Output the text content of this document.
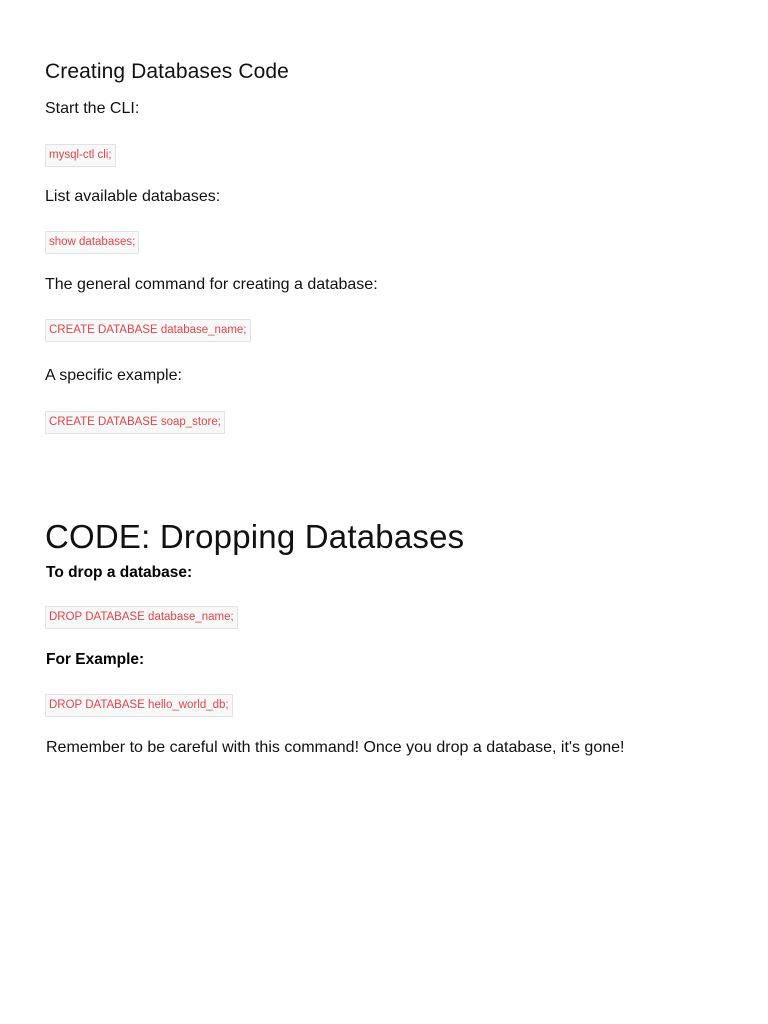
Creating Databases Code

Start the CLI:

mysql-ctl cli;

List available databases:

show databases;

The general command for creating a database:

CREATE DATABASE database_name;

A specific example:

CREATE DATABASE soap_store;
CODE: Dropping Databases

To drop a database:

DROP DATABASE database_name;

For Example:

DROP DATABASE hello_world_db;

Remember to be careful with this command! Once you drop a database, it's gone!
